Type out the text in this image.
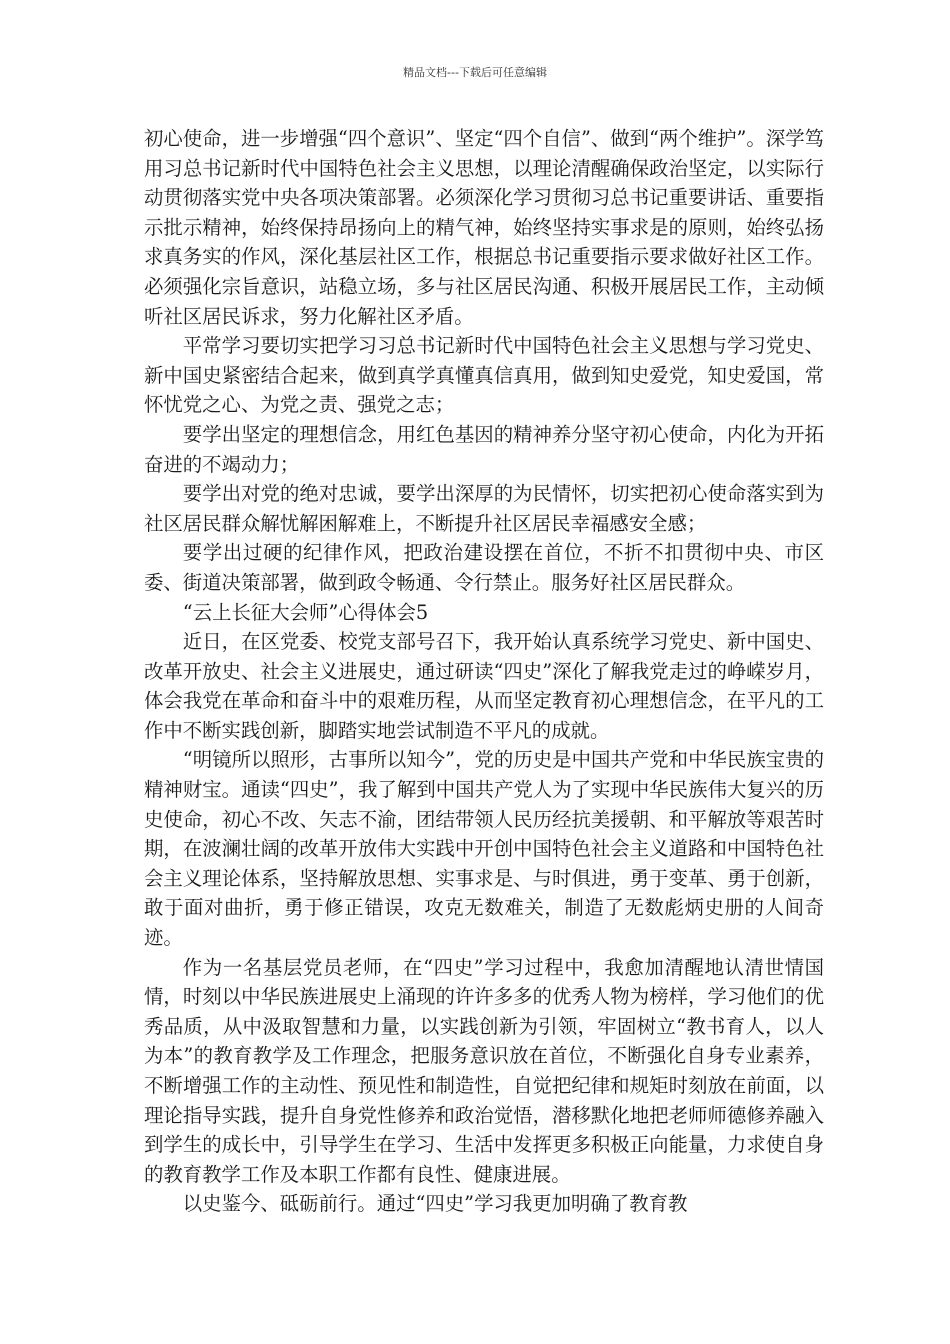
精品文档---下载后可任意编辑

初心使命，进一步增强“四个意识”、坚定“四个自信”、做到“两个维护”。深学笃用习总书记新时代中国特色社会主义思想，以理论清醒确保政治坚定，以实际行动贯彻落实党中央各项决策部署。必须深化学习贯彻习总书记重要讲话、重要指示批示精神，始终保持昂扬向上的精气神，始终坚持实事求是的原则，始终弘扬求真务实的作风，深化基层社区工作，根据总书记重要指示要求做好社区工作。必须强化宗旨意识，站稳立场，多与社区居民沟通、积极开展居民工作，主动倾听社区居民诉求，努力化解社区矛盾。

平常学习要切实把学习习总书记新时代中国特色社会主义思想与学习党史、新中国史紧密结合起来，做到真学真懂真信真用，做到知史爱党，知史爱国，常怀忧党之心、为党之责、强党之志；

要学出坚定的理想信念，用红色基因的精神养分坚守初心使命，内化为开拓奋进的不竭动力；

要学出对党的绝对忠诚，要学出深厚的为民情怀，切实把初心使命落实到为社区居民群众解忧解困解难上，不断提升社区居民幸福感安全感；

要学出过硬的纪律作风，把政治建设摆在首位，不折不扣贯彻中央、市区委、街道决策部署，做到政令畅通、令行禁止。服务好社区居民群众。

“云上长征大会师”心得体会5

近日，在区党委、校党支部号召下，我开始认真系统学习党史、新中国史、改革开放史、社会主义进展史，通过研读“四史”深化了解我党走过的峥嵘岁月，体会我党在革命和奋斗中的艰难历程，从而坚定教育初心理想信念，在平凡的工作中不断实践创新，脚踏实地尝试制造不平凡的成就。

“明镜所以照形，古事所以知今”，党的历史是中国共产党和中华民族宝贵的精神财宝。通读“四史”，我了解到中国共产党人为了实现中华民族伟大复兴的历史使命，初心不改、矢志不渝，团结带领人民历经抗美援朝、和平解放等艰苦时期，在波澜壮阔的改革开放伟大实践中开创中国特色社会主义道路和中国特色社会主义理论体系，坚持解放思想、实事求是、与时俱进，勇于变革、勇于创新，敢于面对曲折，勇于修正错误，攻克无数难关，制造了无数彪炳史册的人间奇迹。

作为一名基层党员老师，在“四史”学习过程中，我愈加清醒地认清世情国情，时刻以中华民族进展史上涌现的许许多多的优秀人物为榜样，学习他们的优秀品质，从中汲取智慧和力量，以实践创新为引领，牢固树立“教书育人，以人为本”的教育教学及工作理念，把服务意识放在首位，不断强化自身专业素养，不断增强工作的主动性、预见性和制造性，自觉把纪律和规矩时刻放在前面，以理论指导实践，提升自身党性修养和政治觉悟，潜移默化地把老师师德修养融入到学生的成长中，引导学生在学习、生活中发挥更多积极正向能量，力求使自身的教育教学工作及本职工作都有良性、健康进展。

以史鉴今、砥砺前行。通过“四史”学习我更加明确了教育教
